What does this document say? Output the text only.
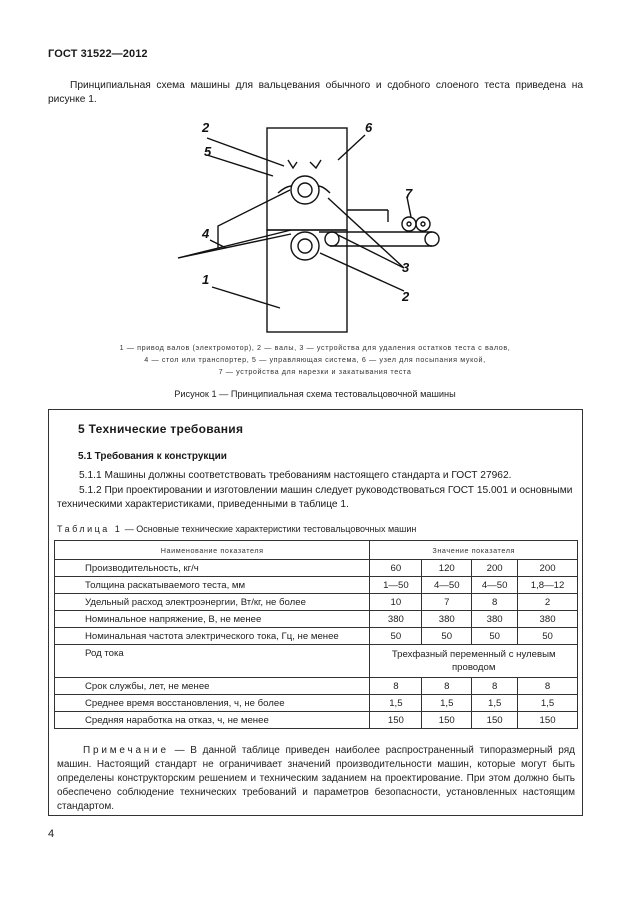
ГОСТ 31522—2012
Принципиальная схема машины для вальцевания обычного и сдобного слоеного теста приведена на рисунке 1.
2
5
6
7
4
3
1
2
1 — привод валов (электромотор), 2 — валы, 3 — устройства для удаления остатков теста с валов,
4 — стол или транспортер, 5 — управляющая система, 6 — узел для посыпания мукой,
7 — устройства для нарезки и закатывания теста
Рисунок 1 — Принципиальная схема тестовальцовочной машины
5 Технические требования
5.1 Требования к конструкции
5.1.1 Машины должны соответствовать требованиям настоящего стандарта и ГОСТ 27962.
5.1.2 При проектировании и изготовлении машин следует руководствоваться ГОСТ 15.001 и основными техническими характеристиками, приведенными в таблице 1.
Таблица 1 — Основные технические характеристики тестовальцовочных машин
Наименование показателя	Значение показателя			
Производительность, кг/ч	60	120	200	200
Толщина раскатываемого теста, мм	1—50	4—50	4—50	1,8—12
Удельный расход электроэнергии, Вт/кг, не более	10	7	8	2
Номинальное напряжение, В, не менее	380	380	380	380
Номинальная частота электрического тока, Гц, не менее	50	50	50	50
Род тока	Трехфазный переменный с нулевым проводом			
Срок службы, лет, не менее	8	8	8	8
Среднее время восстановления, ч, не более	1,5	1,5	1,5	1,5
Средняя наработка на отказ, ч, не менее	150	150	150	150
Примечание — В данной таблице приведен наиболее распространенный типоразмерный ряд машин. Настоящий стандарт не ограничивает значений производительности машин, которые могут быть определены конструкторским решением и техническим заданием на проектирование. При этом должно быть обеспечено соблюдение технических требований и параметров безопасности, установленных настоящим стандартом.
4
